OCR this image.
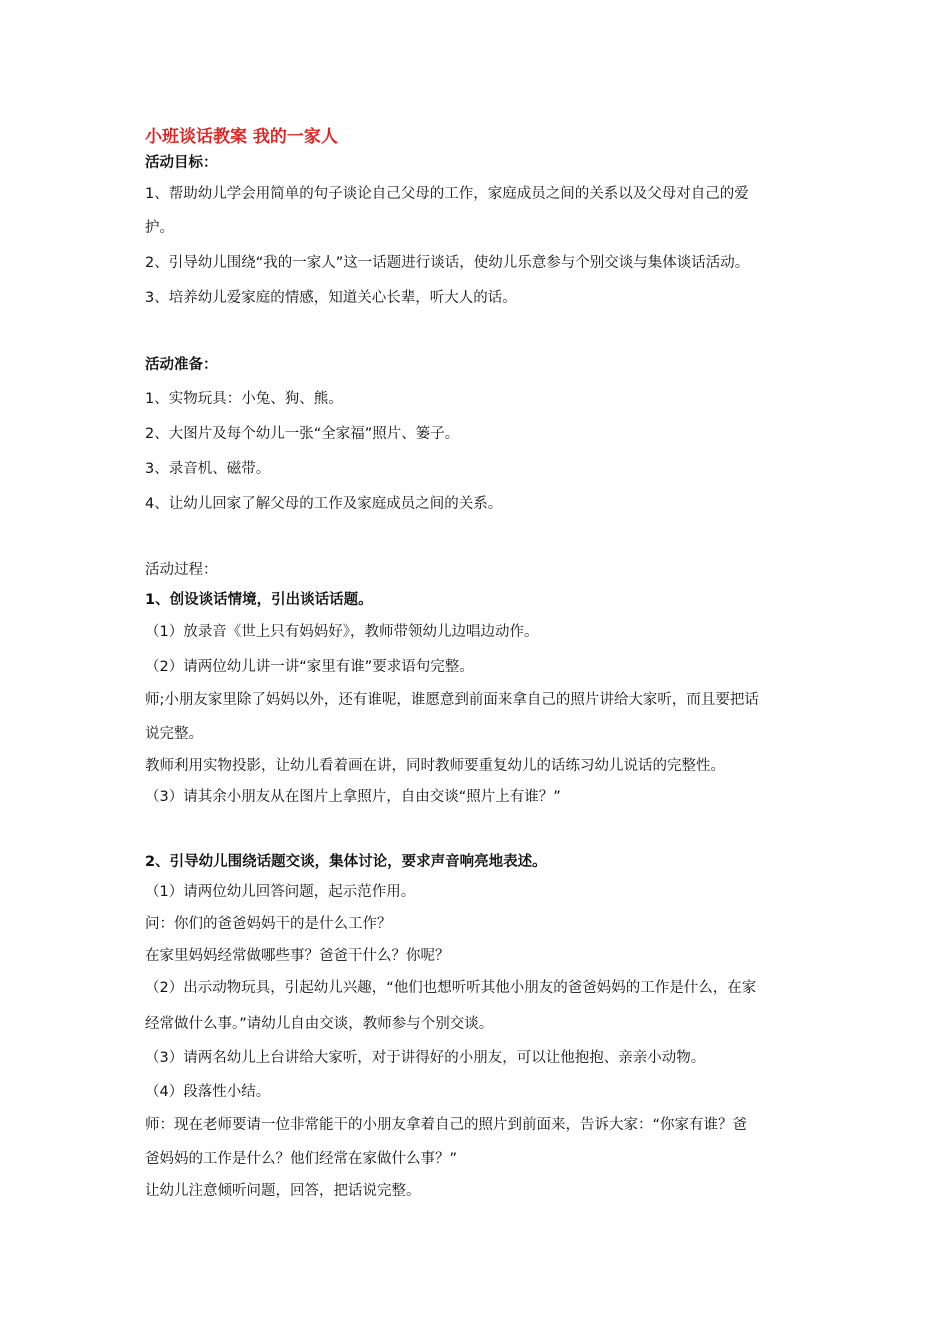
小班谈话教案 我的一家人
活动目标：
1、帮助幼儿学会用简单的句子谈论自己父母的工作，家庭成员之间的关系以及父母对自己的爱
护。
2、引导幼儿围绕“我的一家人”这一话题进行谈话，使幼儿乐意参与个别交谈与集体谈话活动。
3、培养幼儿爱家庭的情感，知道关心长辈，听大人的话。
活动准备：
1、实物玩具：小兔、狗、熊。
2、大图片及每个幼儿一张“全家福”照片、篓子。
3、录音机、磁带。
4、让幼儿回家了解父母的工作及家庭成员之间的关系。
活动过程：
1、创设谈话情境，引出谈话话题。
（1）放录音《世上只有妈妈好》，教师带领幼儿边唱边动作。
（2）请两位幼儿讲一讲“家里有谁”要求语句完整。
师;小朋友家里除了妈妈以外，还有谁呢，谁愿意到前面来拿自己的照片讲给大家听，而且要把话
说完整。
教师利用实物投影，让幼儿看着画在讲，同时教师要重复幼儿的话练习幼儿说话的完整性。
（3）请其余小朋友从在图片上拿照片，自由交谈“照片上有谁？”
2、引导幼儿围绕话题交谈，集体讨论，要求声音响亮地表述。
（1）请两位幼儿回答问题，起示范作用。
问：你们的爸爸妈妈干的是什么工作？
在家里妈妈经常做哪些事？爸爸干什么？你呢？
（2）出示动物玩具，引起幼儿兴趣，“他们也想听听其他小朋友的爸爸妈妈的工作是什么，在家
经常做什么事。”请幼儿自由交谈，教师参与个别交谈。
（3）请两名幼儿上台讲给大家听，对于讲得好的小朋友，可以让他抱抱、亲亲小动物。
（4）段落性小结。
师：现在老师要请一位非常能干的小朋友拿着自己的照片到前面来，告诉大家：“你家有谁？爸
爸妈妈的工作是什么？他们经常在家做什么事？”
让幼儿注意倾听问题，回答，把话说完整。
